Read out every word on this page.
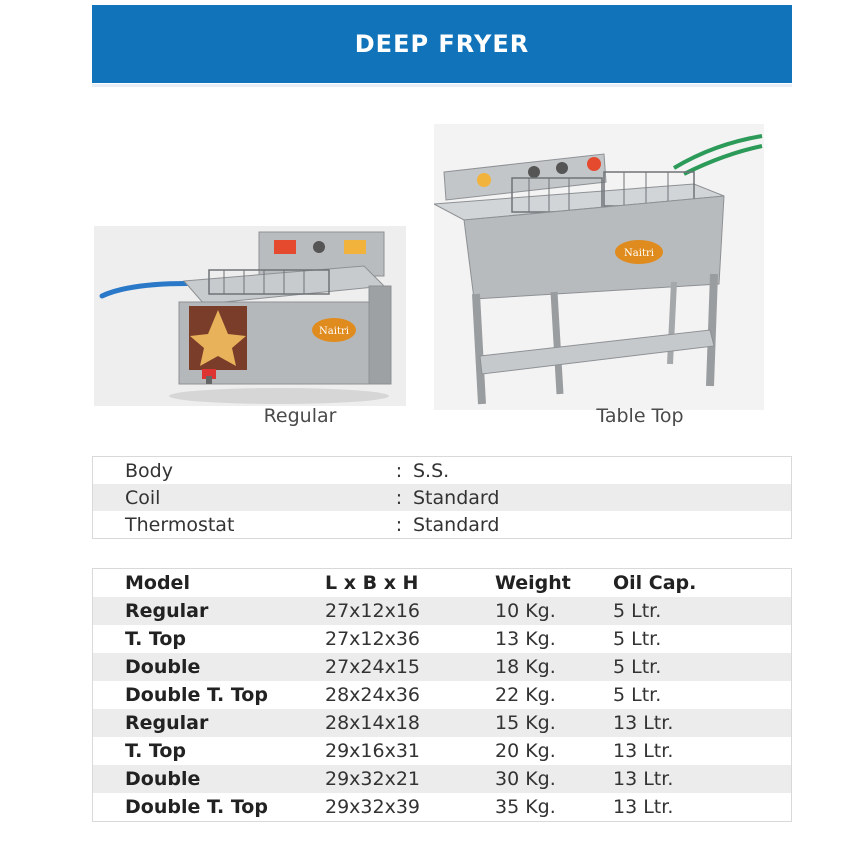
DEEP FRYER
Naitri
Regular
Naitri
Table Top
Body	:	S.S.
Coil	:	Standard
Thermostat	:	Standard
Model	L x B x H	Weight	Oil Cap.
Regular	27x12x16	10 Kg.	5 Ltr.
T. Top	27x12x36	13 Kg.	5 Ltr.
Double	27x24x15	18 Kg.	5 Ltr.
Double T. Top	28x24x36	22 Kg.	5 Ltr.
Regular	28x14x18	15 Kg.	13 Ltr.
T. Top	29x16x31	20 Kg.	13 Ltr.
Double	29x32x21	30 Kg.	13 Ltr.
Double T. Top	29x32x39	35 Kg.	13 Ltr.
